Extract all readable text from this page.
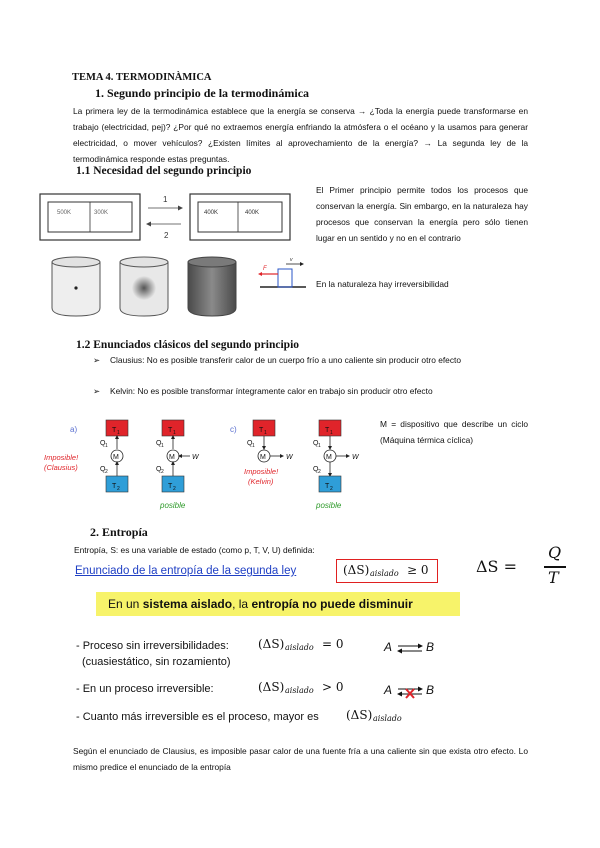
TEMA 4. TERMODINÀMICA
1. Segundo principio de la termodinámica
La primera ley de la termodinámica establece que la energía se conserva → ¿Toda la energía puede transformarse en trabajo (electricidad, pej)? ¿Por qué no extraemos energía enfriando la atmósfera o el océano y la usamos para generar electricidad, o mover vehículos? ¿Existen límites al aprovechamiento de la energía? → La segunda ley de la termodinámica responde estas preguntas.
1.1 Necesidad del segundo principio
500K	300K	400K	400K
1
2
El Primer principio permite todos los procesos que conservan la energía. Sin embargo, en la naturaleza hay procesos que conservan la energía pero sólo tienen lugar en un sentido y no en el contrario
F
v
En la naturaleza hay irreversibilidad
1.2 Enunciados clásicos del segundo principio
➢ Clausius: No es posible transferir calor de un cuerpo frío a uno caliente sin producir otro efecto
➢ Kelvin: No es posible transformar íntegramente calor en trabajo sin producir otro efecto
a)	T 1
Q 1
M
Q 2
T 2
Imposible!
(Clausius)
T 1
Q 1
M W
Q 2
T 2
posible
c)	T 1
Q 1
M	W
Imposible!
(Kelvin)
T 1
Q 1
M	W
Q 2
T 2
posible
M = dispositivo que describe un ciclo (Máquina térmica cíclica)
2. Entropía
Entropía, S: es una variable de estado (como p, T, V, U) definida:
ΔS =
Q
T
Enunciado de la entropía de la segunda ley	(ΔS) aislado ≥ 0
En un sistema aislado, la entropía no puede disminuir
- Proceso sin irreversibilidades:
(cuasiestático, sin rozamiento)
(ΔS) aislado = 0	A	B
- En un proceso irreversible:	(ΔS) aislado > 0	A	B
- Cuanto más irreversible es el proceso, mayor es (ΔS) aislado
Según el enunciado de Clausius, es imposible pasar calor de una fuente fría a una caliente sin que exista otro efecto. Lo mismo predice el enunciado de la entropía
